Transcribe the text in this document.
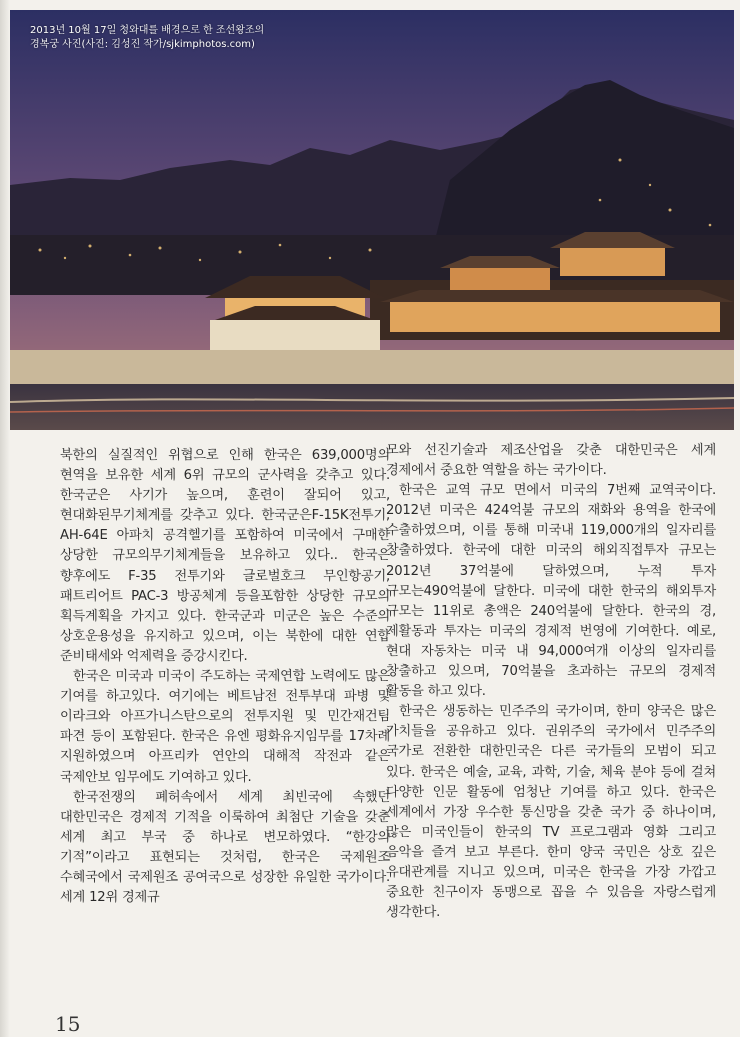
2013년 10월 17일 청와대를 배경으로 한 조선왕조의 경복궁 사진(사진: 김성진 작가/sjkimphotos.com)

북한의 실질적인 위협으로 인해 한국은 639,000명의 현역을 보유한 세계 6위 규모의 군사력을 갖추고 있다. 한국군은 사기가 높으며, 훈련이 잘되어 있고, 현대화된무기체계를 갖추고 있다. 한국군은F-15K전투기, AH-64E 아파치 공격헬기를 포함하여 미국에서 구매한 상당한 규모의무기체계들을 보유하고 있다.. 한국은 향후에도 F-35 전투기와 글로벌호크 무인항공기, 패트리어트 PAC-3 방공체계 등을포함한 상당한 규모의 획득계획을 가지고 있다. 한국군과 미군은 높은 수준의 상호운용성을 유지하고 있으며, 이는 북한에 대한 연합 준비태세와 억제력을 증강시킨다.

한국은 미국과 미국이 주도하는 국제연합 노력에도 많은 기여를 하고있다. 여기에는 베트남전 전투부대 파병 및 이라크와 아프가니스탄으로의 전투지원 및 민간재건팀 파견 등이 포함된다. 한국은 유엔 평화유지임무를 17차례 지원하였으며 아프리카 연안의 대해적 작전과 같은 국제안보 임무에도 기여하고 있다.

한국전쟁의 폐허속에서 세계 최빈국에 속했던 대한민국은 경제적 기적을 이룩하여 최첨단 기술을 갖춘 세계 최고 부국 중 하나로 변모하였다. “한강의 기적”이라고 표현되는 것처럼, 한국은 국제원조 수혜국에서 국제원조 공여국으로 성장한 유일한 국가이다. 세계 12위 경제규

모와 선진기술과 제조산업을 갖춘 대한민국은 세계 경제에서 중요한 역할을 하는 국가이다.

한국은 교역 규모 면에서 미국의 7번째 교역국이다. 2012년 미국은 424억불 규모의 재화와 용역을 한국에 수출하였으며, 이를 통해 미국내 119,000개의 일자리를 창출하였다. 한국에 대한 미국의 해외직접투자 규모는 2012년 37억불에 달하였으며, 누적 투자 규모는490억불에 달한다. 미국에 대한 한국의 해외투자 규모는 11위로 총액은 240억불에 달한다. 한국의 경, 제활동과 투자는 미국의 경제적 번영에 기여한다. 예로, 현대 자동차는 미국 내 94,000여개 이상의 일자리를 창출하고 있으며, 70억불을 초과하는 규모의 경제적 활동을 하고 있다.

한국은 생동하는 민주주의 국가이며, 한미 양국은 많은 가치들을 공유하고 있다. 권위주의 국가에서 민주주의 국가로 전환한 대한민국은 다른 국가들의 모범이 되고 있다. 한국은 예술, 교육, 과학, 기술, 체육 분야 등에 걸쳐 다양한 인문 활동에 엄청난 기여를 하고 있다. 한국은 세계에서 가장 우수한 통신망을 갖춘 국가 중 하나이며, 많은 미국인들이 한국의 TV 프로그램과 영화 그리고 음악을 즐겨 보고 부른다. 한미 양국 국민은 상호 깊은 유대관계를 지니고 있으며, 미국은 한국을 가장 가깝고 중요한 친구이자 동맹으로 꼽을 수 있음을 자랑스럽게 생각한다.

15
